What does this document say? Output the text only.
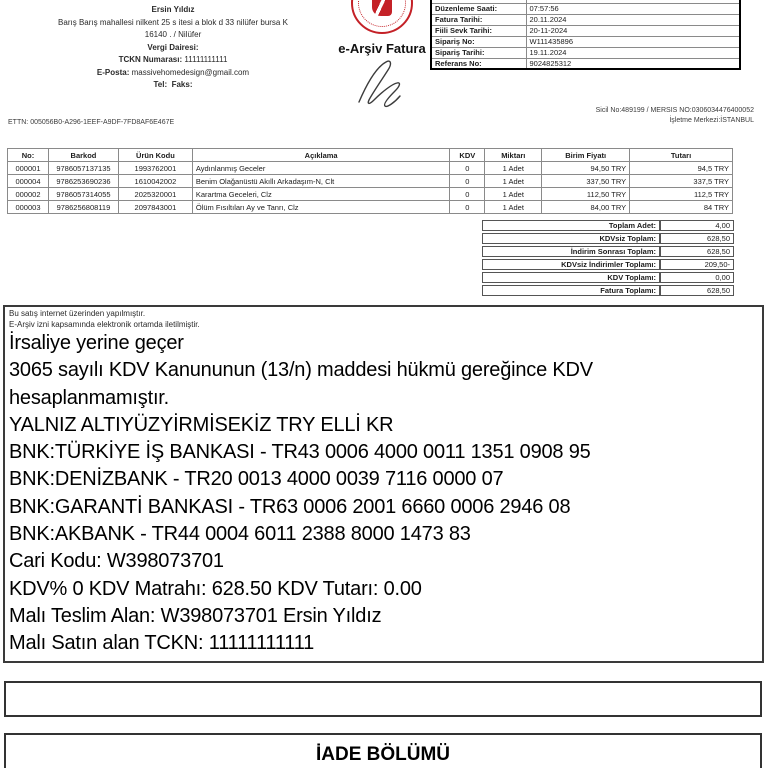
Ersin Yıldız
Barış Barış mahallesi nilkent 25 s itesi a blok d 33 nilüfer bursa K
16140 . / Nilüfer
Vergi Dairesi:
TCKN Numarası: 11111111111
E-Posta: massivehomedesign@gmail.com
Tel: Faks:
e-Arşiv Fatura

Düzenleme Saati:	07:57:56
Fatura Tarihi:	20.11.2024
Fiili Sevk Tarihi:	20-11-2024
Sipariş No:	W111435896
Sipariş Tarihi:	19.11.2024
Referans No:	9024825312
Sicil No:489199 / MERSIS NO:0306034476400052
İşletme Merkezi:İSTANBUL
ETTN: 005056B0-A296-1EEF-A9DF-7FD8AF6E467E
No:	Barkod	Ürün Kodu	Açıklama	KDV	Miktarı	Birim Fiyatı	Tutarı
000001	9786057137135	1993762001	Aydınlanmış Geceler	0	1 Adet	94,50 TRY	94,5 TRY
000004	9786253690236	1610042002	Benim Olağanüstü Akıllı Arkadaşım-N, Clt	0	1 Adet	337,50 TRY	337,5 TRY
000002	9786057314055	2025320001	Karartma Geceleri, Clz	0	1 Adet	112,50 TRY	112,5 TRY
000003	9786256808119	2097843001	Ölüm Fısıltıları Ay ve Tanrı, Clz	0	1 Adet	84,00 TRY	84 TRY
Toplam Adet:	4,00
KDVsiz Toplam:	628,50
İndirim Sonrası Toplam:	628,50
KDVsiz İndirimler Toplamı:	209,50-
KDV Toplamı:	0,00
Fatura Toplamı:	628,50
Bu satış internet üzerinden yapılmıştır.
E-Arşiv izni kapsamında elektronik ortamda iletilmiştir.
İrsaliye yerine geçer
3065 sayılı KDV Kanununun (13/n) maddesi hükmü gereğince KDV hesaplanmamıştır.
YALNIZ ALTIYÜZYİRMİSEKİZ TRY ELLİ KR
BNK:TÜRKİYE İŞ BANKASI - TR43 0006 4000 0011 1351 0908 95
BNK:DENİZBANK - TR20 0013 4000 0039 7116 0000 07
BNK:GARANTİ BANKASI - TR63 0006 2001 6660 0006 2946 08
BNK:AKBANK - TR44 0004 6011 2388 8000 1473 83
Cari Kodu: W398073701
KDV% 0 KDV Matrahı: 628.50 KDV Tutarı: 0.00
Malı Teslim Alan: W398073701 Ersin Yıldız
Malı Satın alan TCKN: 11111111111
İADE BÖLÜMÜ
